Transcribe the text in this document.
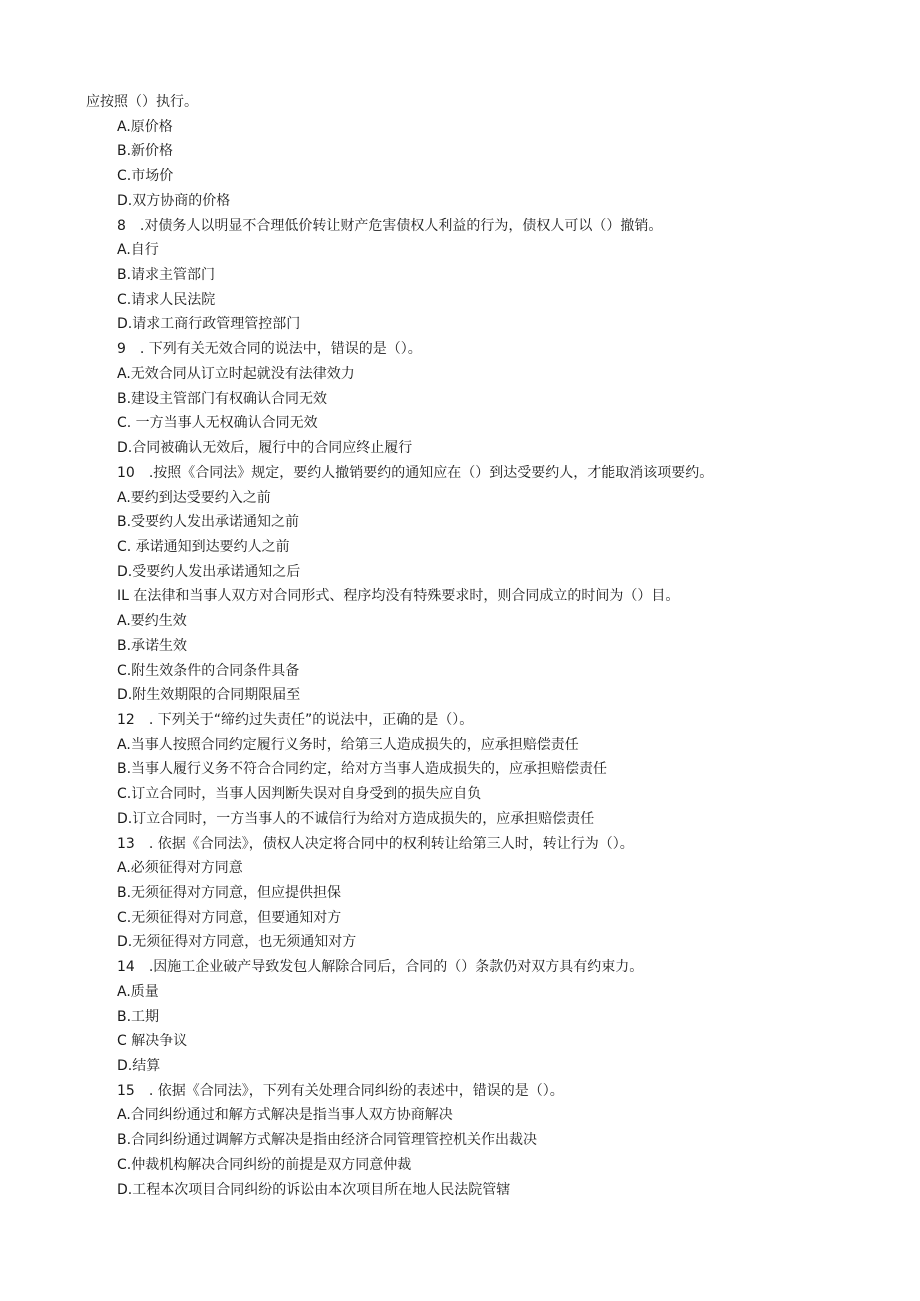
应按照（）执行。
A.原价格
B.新价格
C.市场价
D.双方协商的价格
8　.对债务人以明显不合理低价转让财产危害债权人利益的行为，债权人可以（）撤销。
A.自行
B.请求主管部门
C.请求人民法院
D.请求工商行政管理管控部门
9　. 下列有关无效合同的说法中，错误的是（）。
A.无效合同从订立时起就没有法律效力
B.建设主管部门有权确认合同无效
C. 一方当事人无权确认合同无效
D.合同被确认无效后，履行中的合同应终止履行
10　.按照《合同法》规定，要约人撤销要约的通知应在（）到达受要约人，才能取消该项要约。
A.要约到达受要约入之前
B.受要约人发出承诺通知之前
C. 承诺通知到达要约人之前
D.受要约人发出承诺通知之后
IL 在法律和当事人双方对合同形式、程序均没有特殊要求时，则合同成立的时间为（）目。
A.要约生效
B.承诺生效
C.附生效条件的合同条件具备
D.附生效期限的合同期限届至
12　. 下列关于“缔约过失责任”的说法中，正确的是（）。
A.当事人按照合同约定履行义务时，给第三人造成损失的，应承担赔偿责任
B.当事人履行义务不符合合同约定，给对方当事人造成损失的，应承担赔偿责任
C.订立合同时，当事人因判断失误对自身受到的损失应自负
D.订立合同时，一方当事人的不诚信行为给对方造成损失的，应承担赔偿责任
13　. 依据《合同法》，债权人决定将合同中的权利转让给第三人时，转让行为（）。
A.必须征得对方同意
B.无须征得对方同意，但应提供担保
C.无须征得对方同意，但要通知对方
D.无须征得对方同意，也无须通知对方
14　.因施工企业破产导致发包人解除合同后，合同的（）条款仍对双方具有约束力。
A.质量
B.工期
C 解决争议
D.结算
15　. 依据《合同法》，下列有关处理合同纠纷的表述中，错误的是（）。
A.合同纠纷通过和解方式解决是指当事人双方协商解决
B.合同纠纷通过调解方式解决是指由经济合同管理管控机关作出裁决
C.仲裁机构解决合同纠纷的前提是双方同意仲裁
D.工程本次项目合同纠纷的诉讼由本次项目所在地人民法院管辖
